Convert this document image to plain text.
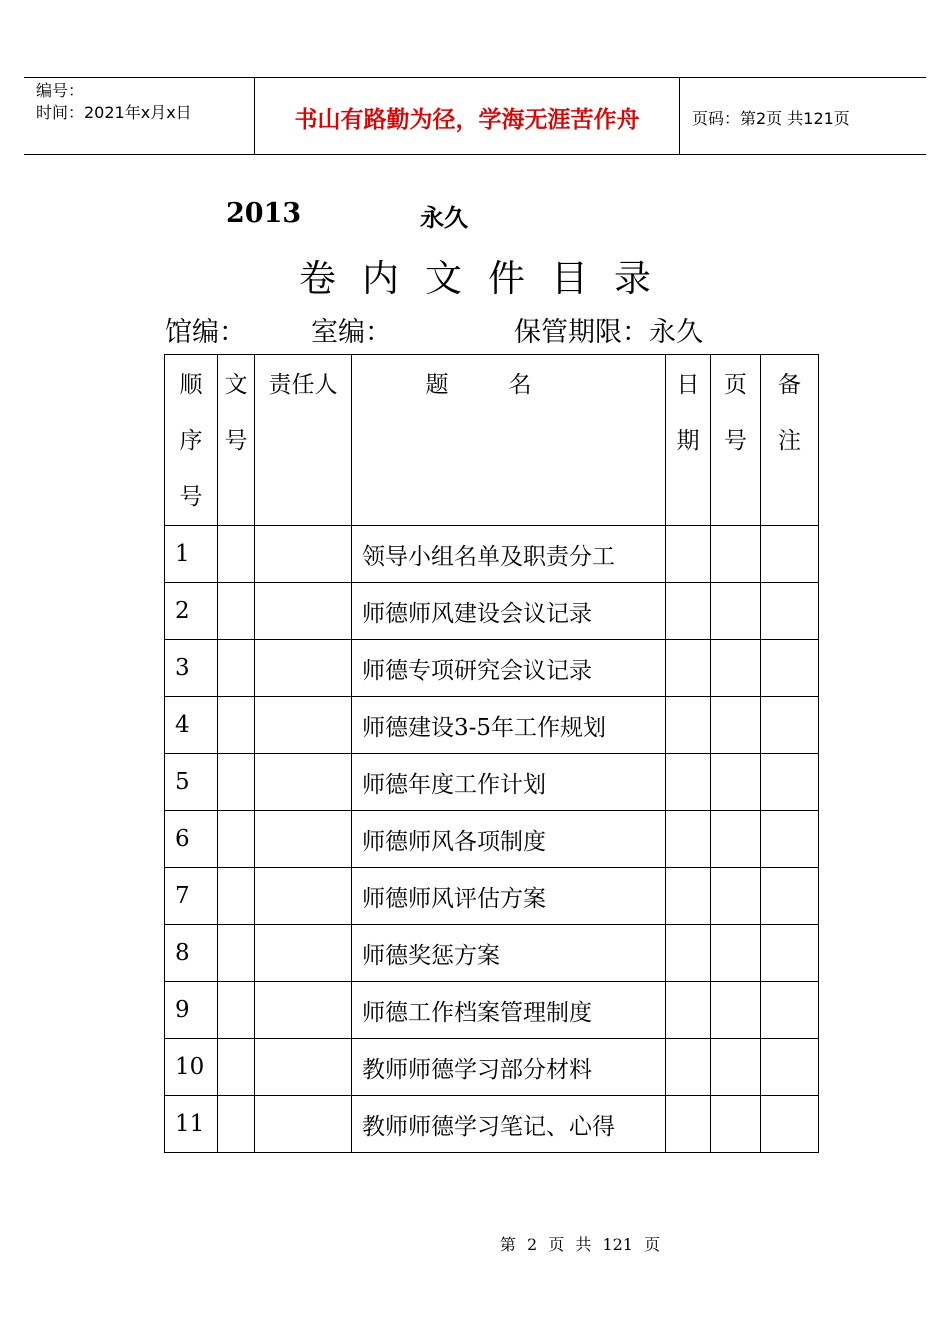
编号：
时间：2021年x月x日	书山有路勤为径，学海无涯苦作舟	页码：第2页 共121页
2013	永久
卷内文件目录
馆编： 室编：	保管期限：永久
顺序号	文号	责任人	题名	日期	页号	备注

1			领导小组名单及职责分工			
2			师德师风建设会议记录			
3			师德专项研究会议记录			
4			师德建设3-5年工作规划			
5			师德年度工作计划			
6			师德师风各项制度			
7			师德师风评估方案			
8			师德奖惩方案			
9			师德工作档案管理制度			
10			教师师德学习部分材料			
11			教师师德学习笔记、心得			
第 2 页 共 121 页
